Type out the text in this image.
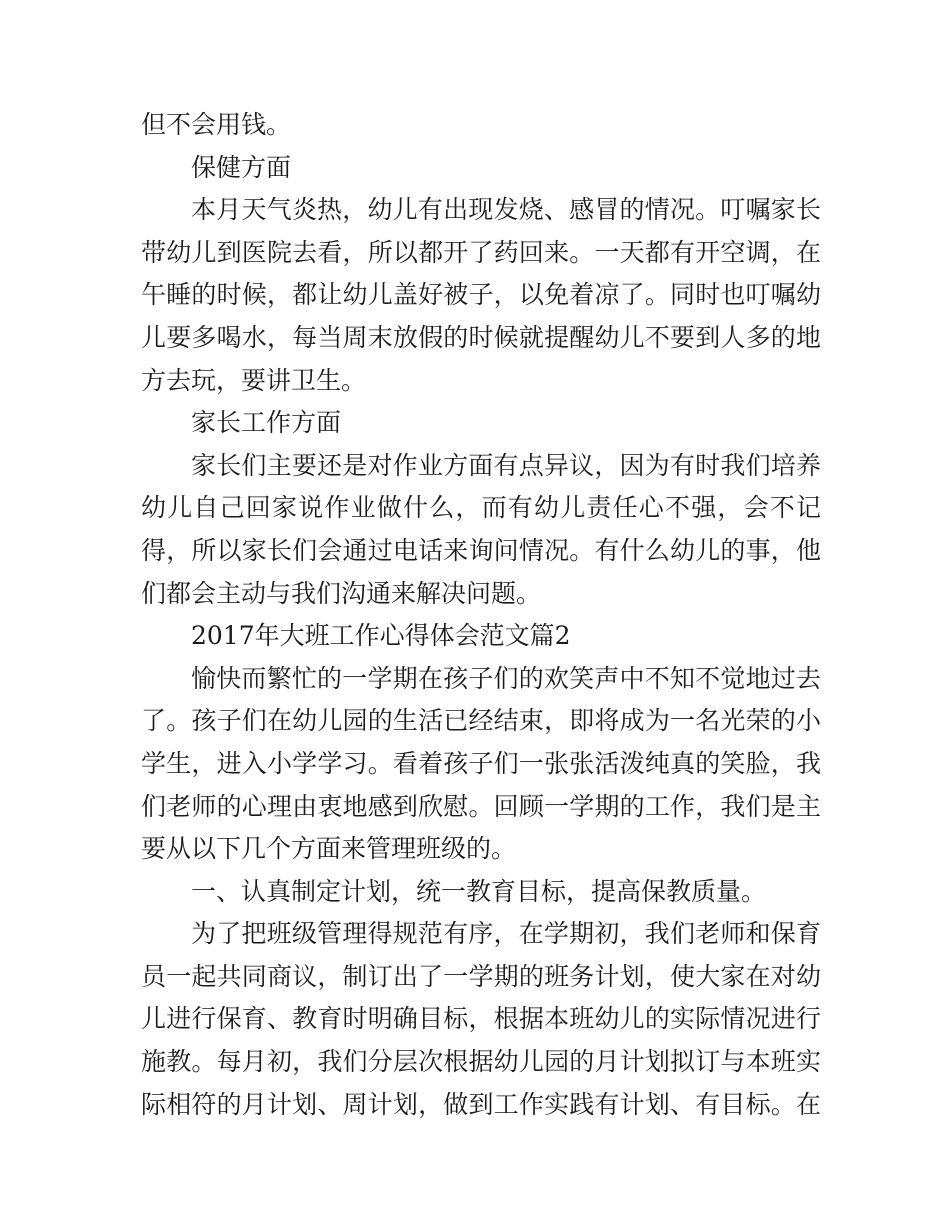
但不会用钱。
保健方面
本月天气炎热，幼儿有出现发烧、感冒的情况。叮嘱家长
带幼儿到医院去看，所以都开了药回来。一天都有开空调，在
午睡的时候，都让幼儿盖好被子，以免着凉了。同时也叮嘱幼
儿要多喝水，每当周末放假的时候就提醒幼儿不要到人多的地
方去玩，要讲卫生。
家长工作方面
家长们主要还是对作业方面有点异议，因为有时我们培养
幼儿自己回家说作业做什么，而有幼儿责任心不强，会不记
得，所以家长们会通过电话来询问情况。有什么幼儿的事，他
们都会主动与我们沟通来解决问题。
2017年大班工作心得体会范文篇2
愉快而繁忙的一学期在孩子们的欢笑声中不知不觉地过去
了。孩子们在幼儿园的生活已经结束，即将成为一名光荣的小
学生，进入小学学习。看着孩子们一张张活泼纯真的笑脸，我
们老师的心理由衷地感到欣慰。回顾一学期的工作，我们是主
要从以下几个方面来管理班级的。
一、认真制定计划，统一教育目标，提高保教质量。
为了把班级管理得规范有序，在学期初，我们老师和保育
员一起共同商议，制订出了一学期的班务计划，使大家在对幼
儿进行保育、教育时明确目标，根据本班幼儿的实际情况进行
施教。每月初，我们分层次根据幼儿园的月计划拟订与本班实
际相符的月计划、周计划，做到工作实践有计划、有目标。在
